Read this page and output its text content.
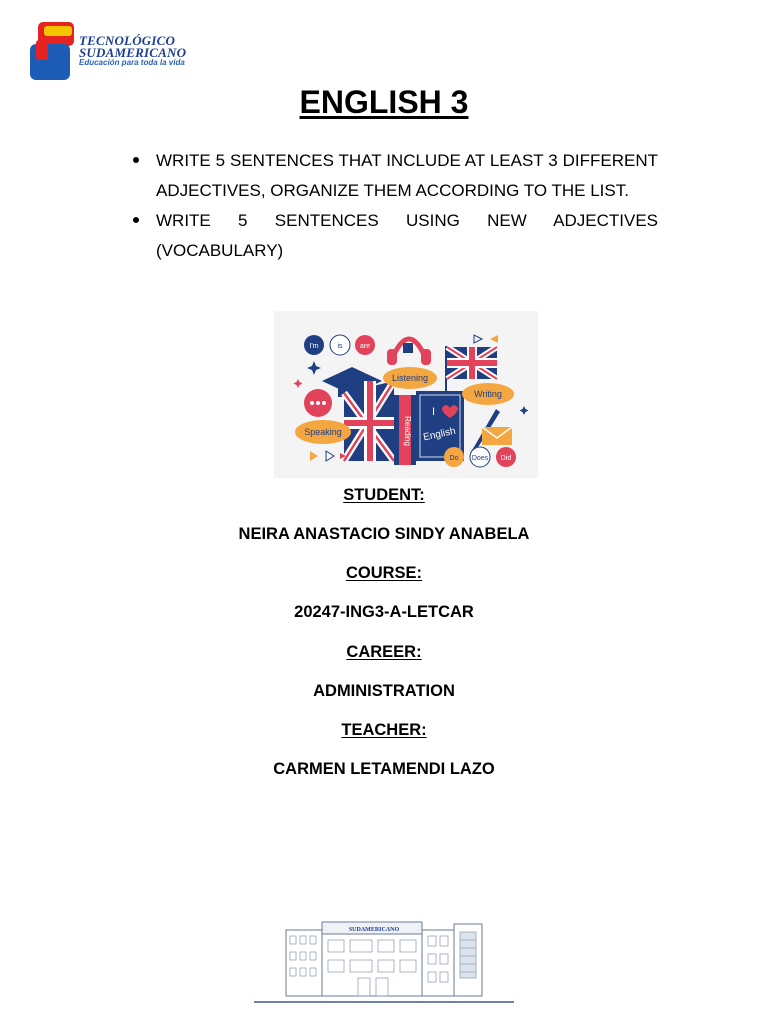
TECNOLÓGICO
SUDAMERICANO
Educación para toda la vida
ENGLISH 3
WRITE 5 SENTENCES THAT INCLUDE AT LEAST 3 DIFFERENT ADJECTIVES, ORGANIZE THEM ACCORDING TO THE LIST.
WRITE 5 SENTENCES USING NEW ADJECTIVES (VOCABULARY)
I'm	is are
Reading
I
English
Listening
Writing
Speaking
Do Does Did
STUDENT:
NEIRA ANASTACIO SINDY ANABELA
COURSE:
20247-ING3-A-LETCAR
CAREER:
ADMINISTRATION
TEACHER:
CARMEN LETAMENDI LAZO
SUDAMERICANO
